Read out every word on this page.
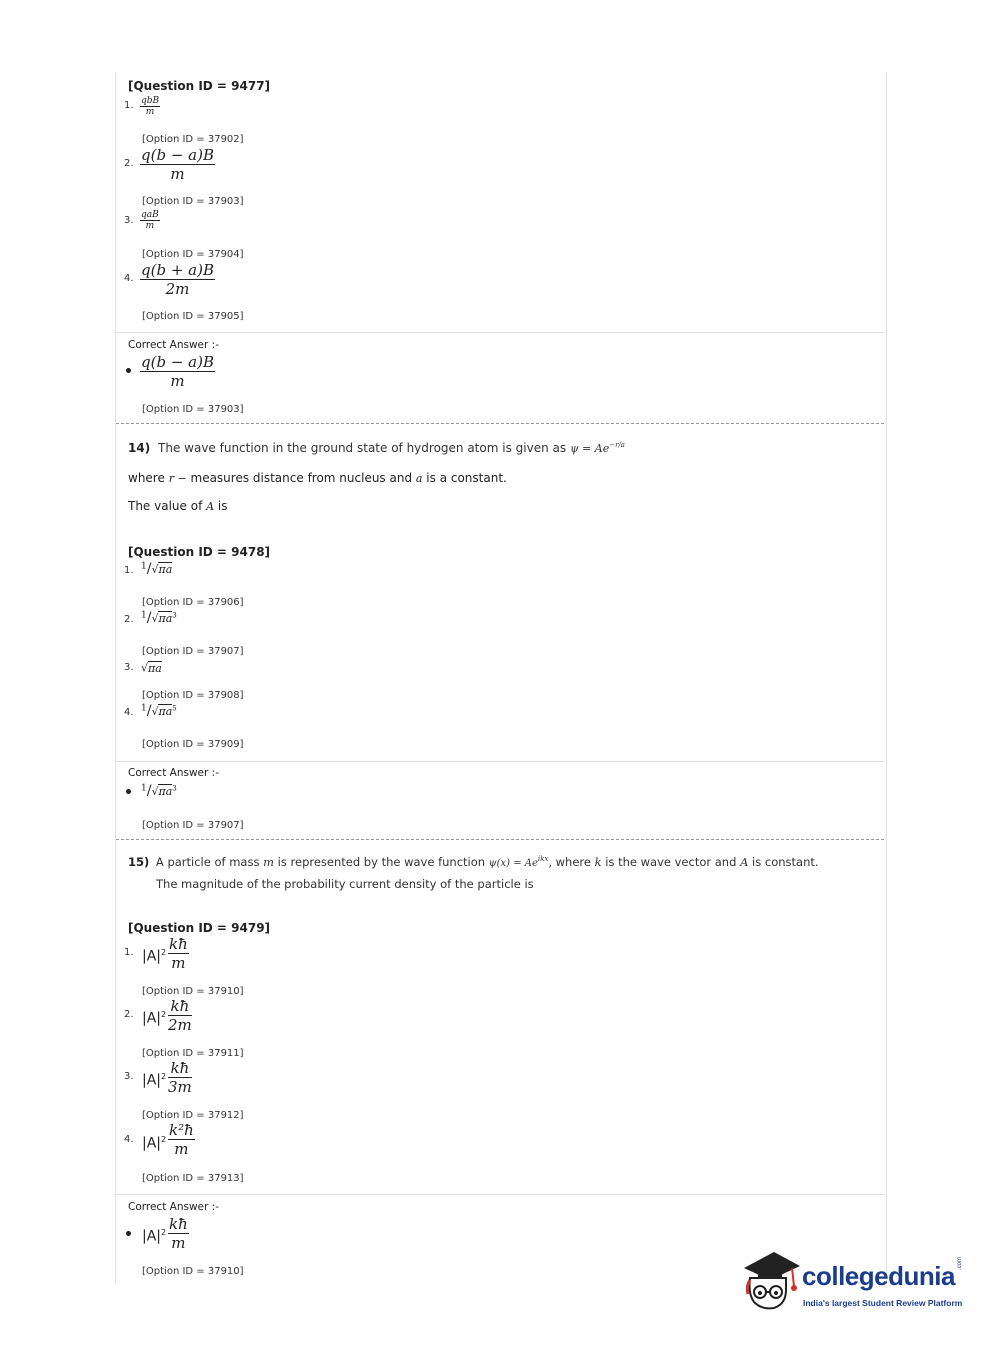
[Question ID = 9477]
1. qbB
m
[Option ID = 37902]
2. q(b − a)B
m
[Option ID = 37903]
3. qaB
m
[Option ID = 37904]
4. q(b + a)B
2m
[Option ID = 37905]
Correct Answer :-
q(b − a)B
m
[Option ID = 37903]
14) The wave function in the ground state of hydrogen atom is given as $\psi = Ae^{-r/a}$
where r − measures distance from nucleus and a is a constant.
The value of A is
[Question ID = 9478]
1. $^1$/√πa
[Option ID = 37906]
2. $^1/√\pi a^3$
[Option ID = 37907]
3. √πa
[Option ID = 37908]
4. $^1/√\pi a^5$
[Option ID = 37909]
Correct Answer :-
$^1/√\pi a^3$
[Option ID = 37907]
15) A particle of mass m is represented by the wave function $\psi(x) = Ae^{ikx}$, where k is the wave vector and A is constant.
The magnitude of the probability current density of the particle is
[Question ID = 9479]
1. $|A|^2$ kħ
m
[Option ID = 37910]
2. $|A|^2$ kħ
2m
[Option ID = 37911]
3. $|A|^2$ kħ
3m
[Option ID = 37912]
4. $|A|^2$
k²ħ
m
[Option ID = 37913]
Correct Answer :-
$|A|^2$ kħ
m
[Option ID = 37910]	collegedunia .com
India's largest Student Review Platform
